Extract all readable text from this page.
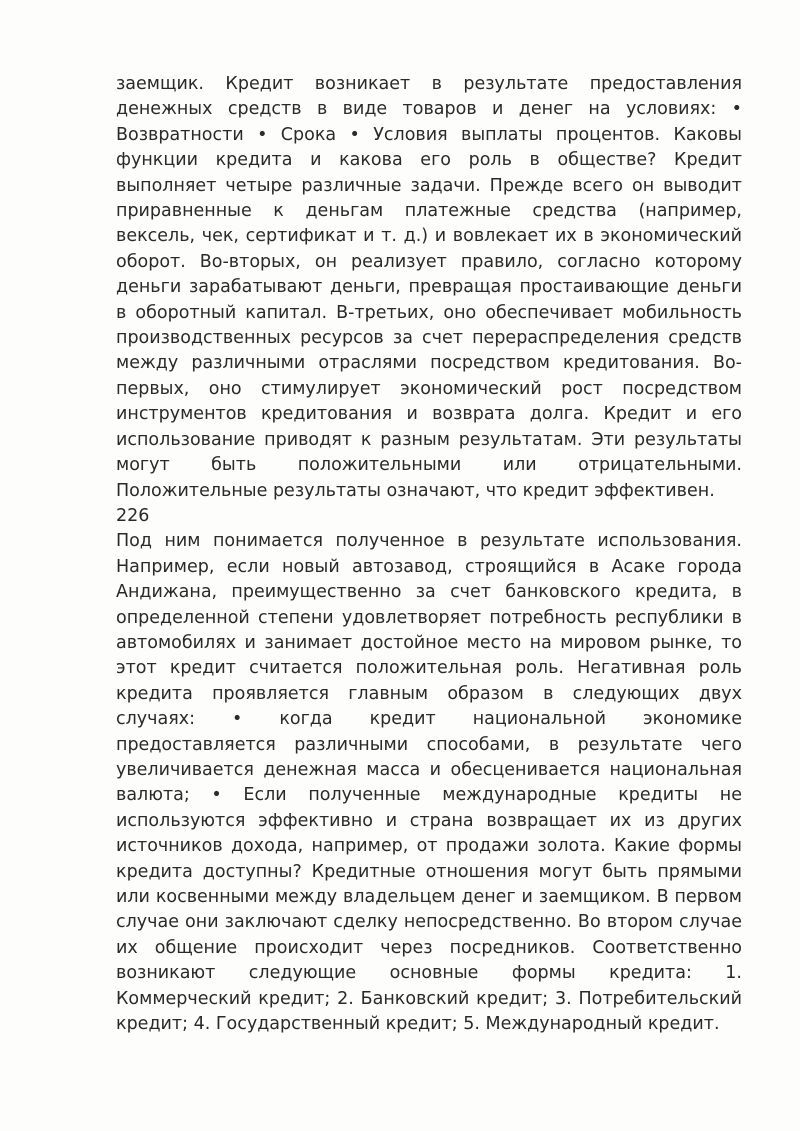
заемщик. Кредит возникает в результате предоставления денежных средств в виде товаров и денег на условиях: • Возвратности • Срока • Условия выплаты процентов. Каковы функции кредита и какова его роль в обществе? Кредит выполняет четыре различные задачи. Прежде всего он выводит приравненные к деньгам платежные средства (например, вексель, чек, сертификат и т. д.) и вовлекает их в экономический оборот. Во-вторых, он реализует правило, согласно которому деньги зарабатывают деньги, превращая простаивающие деньги в оборотный капитал. В-третьих, оно обеспечивает мобильность производственных ресурсов за счет перераспределения средств между различными отраслями посредством кредитования. Во-первых, оно стимулирует экономический рост посредством инструментов кредитования и возврата долга. Кредит и его использование приводят к разным результатам. Эти результаты могут быть положительными или отрицательными. Положительные результаты означают, что кредит эффективен.

226

Под ним понимается полученное в результате использования. Например, если новый автозавод, строящийся в Асаке города Андижана, преимущественно за счет банковского кредита, в определенной степени удовлетворяет потребность республики в автомобилях и занимает достойное место на мировом рынке, то этот кредит считается положительная роль. Негативная роль кредита проявляется главным образом в следующих двух случаях: • когда кредит национальной экономике предоставляется различными способами, в результате чего увеличивается денежная масса и обесценивается национальная валюта; • Если полученные международные кредиты не используются эффективно и страна возвращает их из других источников дохода, например, от продажи золота. Какие формы кредита доступны? Кредитные отношения могут быть прямыми или косвенными между владельцем денег и заемщиком. В первом случае они заключают сделку непосредственно. Во втором случае их общение происходит через посредников. Соответственно возникают следующие основные формы кредита: 1. Коммерческий кредит; 2. Банковский кредит; 3. Потребительский кредит; 4. Государственный кредит; 5. Международный кредит.
